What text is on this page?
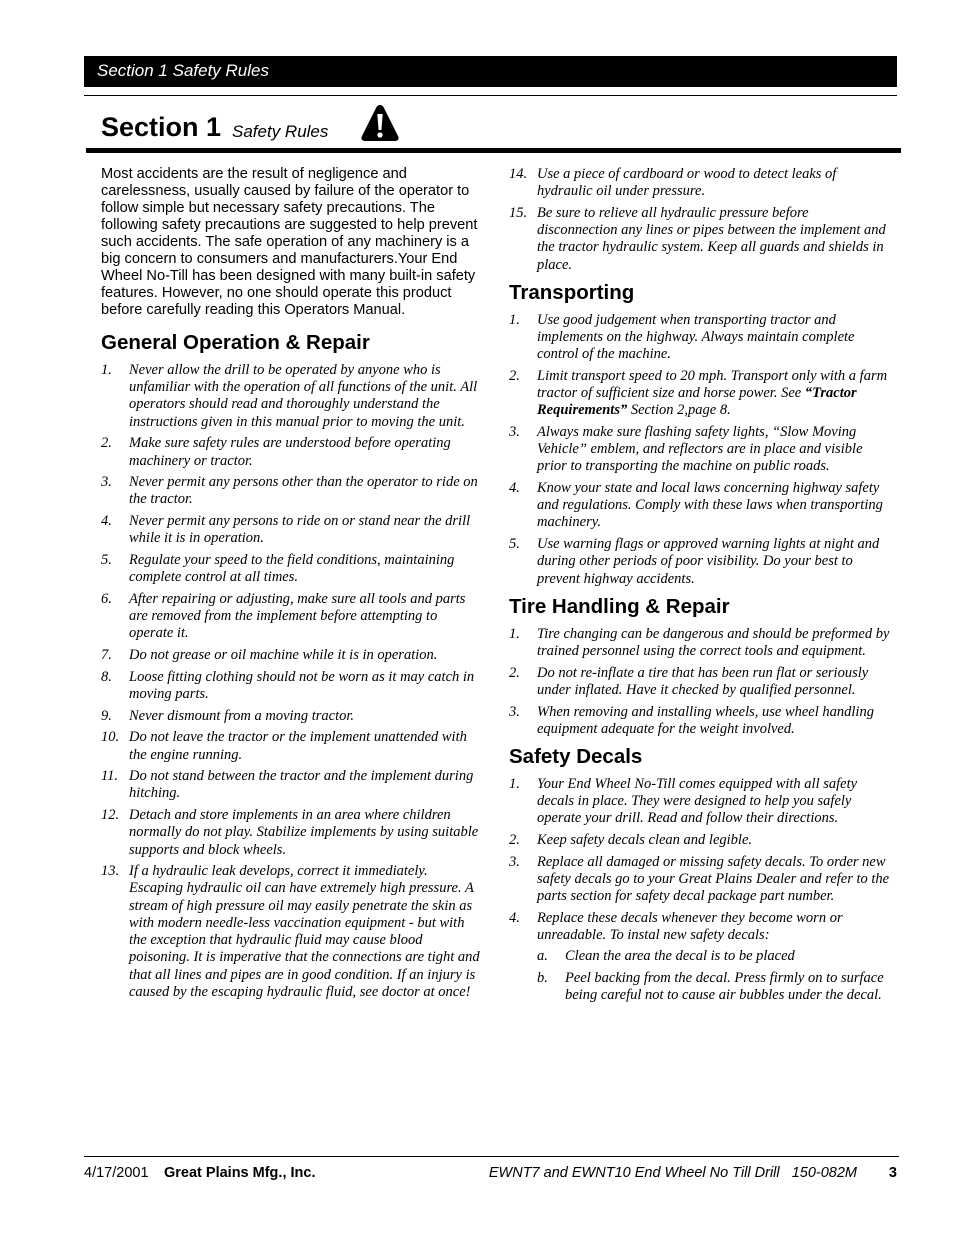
Section 1 Safety Rules
Section 1 Safety Rules

Most accidents are the result of negligence and carelessness, usually caused by failure of the operator to follow simple but necessary safety precautions. The following safety precautions are suggested to help prevent such accidents. The safe operation of any machinery is a big concern to consumers and manufacturers.Your End Wheel No-Till has been designed with many built-in safety features. However, no one should operate this product before carefully reading this Operators Manual.

General Operation & Repair
1. Never allow the drill to be operated by anyone who is unfamiliar with the operation of all functions of the unit. All operators should read and thoroughly understand the instructions given in this manual prior to moving the unit.
2. Make sure safety rules are understood before operating machinery or tractor.
3. Never permit any persons other than the operator to ride on the tractor.
4. Never permit any persons to ride on or stand near the drill while it is in operation.
5. Regulate your speed to the field conditions, maintaining complete control at all times.
6. After repairing or adjusting, make sure all tools and parts are removed from the implement before attempting to operate it.
7. Do not grease or oil machine while it is in operation.
8. Loose fitting clothing should not be worn as it may catch in moving parts.
9. Never dismount from a moving tractor.
10. Do not leave the tractor or the implement unattended with the engine running.
11. Do not stand between the tractor and the implement during hitching.
12. Detach and store implements in an area where children normally do not play. Stabilize implements by using suitable supports and block wheels.
13. If a hydraulic leak develops, correct it immediately. Escaping hydraulic oil can have extremely high pressure. A stream of high pressure oil may easily penetrate the skin as with modern needle-less vaccination equipment - but with the exception that hydraulic fluid may cause blood poisoning. It is imperative that the connections are tight and that all lines and pipes are in good condition. If an injury is caused by the escaping hydraulic fluid, see doctor at once!
14. Use a piece of cardboard or wood to detect leaks of hydraulic oil under pressure.
15. Be sure to relieve all hydraulic pressure before disconnection any lines or pipes between the implement and the tractor hydraulic system. Keep all guards and shields in place.
Transporting
1. Use good judgement when transporting tractor and implements on the highway. Always maintain complete control of the machine.
2. Limit transport speed to 20 mph. Transport only with a farm tractor of sufficient size and horse power. See “Tractor Requirements” Section 2,page 8.
3. Always make sure flashing safety lights, “Slow Moving Vehicle” emblem, and reflectors are in place and visible prior to transporting the machine on public roads.
4. Know your state and local laws concerning highway safety and regulations. Comply with these laws when transporting machinery.
5. Use warning flags or approved warning lights at night and during other periods of poor visibility. Do your best to prevent highway accidents.
Tire Handling & Repair
1. Tire changing can be dangerous and should be preformed by trained personnel using the correct tools and equipment.
2. Do not re-inflate a tire that has been run flat or seriously under inflated. Have it checked by qualified personnel.
3. When removing and installing wheels, use wheel handling equipment adequate for the weight involved.
Safety Decals
1. Your End Wheel No-Till comes equipped with all safety decals in place. They were designed to help you safely operate your drill. Read and follow their directions.
2. Keep safety decals clean and legible.
3. Replace all damaged or missing safety decals. To order new safety decals go to your Great Plains Dealer and refer to the parts section for safety decal package part number.
4. Replace these decals whenever they become worn or unreadable. To instal new safety decals:
a. Clean the area the decal is to be placed
b. Peel backing from the decal. Press firmly on to surface being careful not to cause air bubbles under the decal.
4/17/2001 Great Plains Mfg., Inc.	EWNT7 and EWNT10 End Wheel No Till Drill   150-082M 3
